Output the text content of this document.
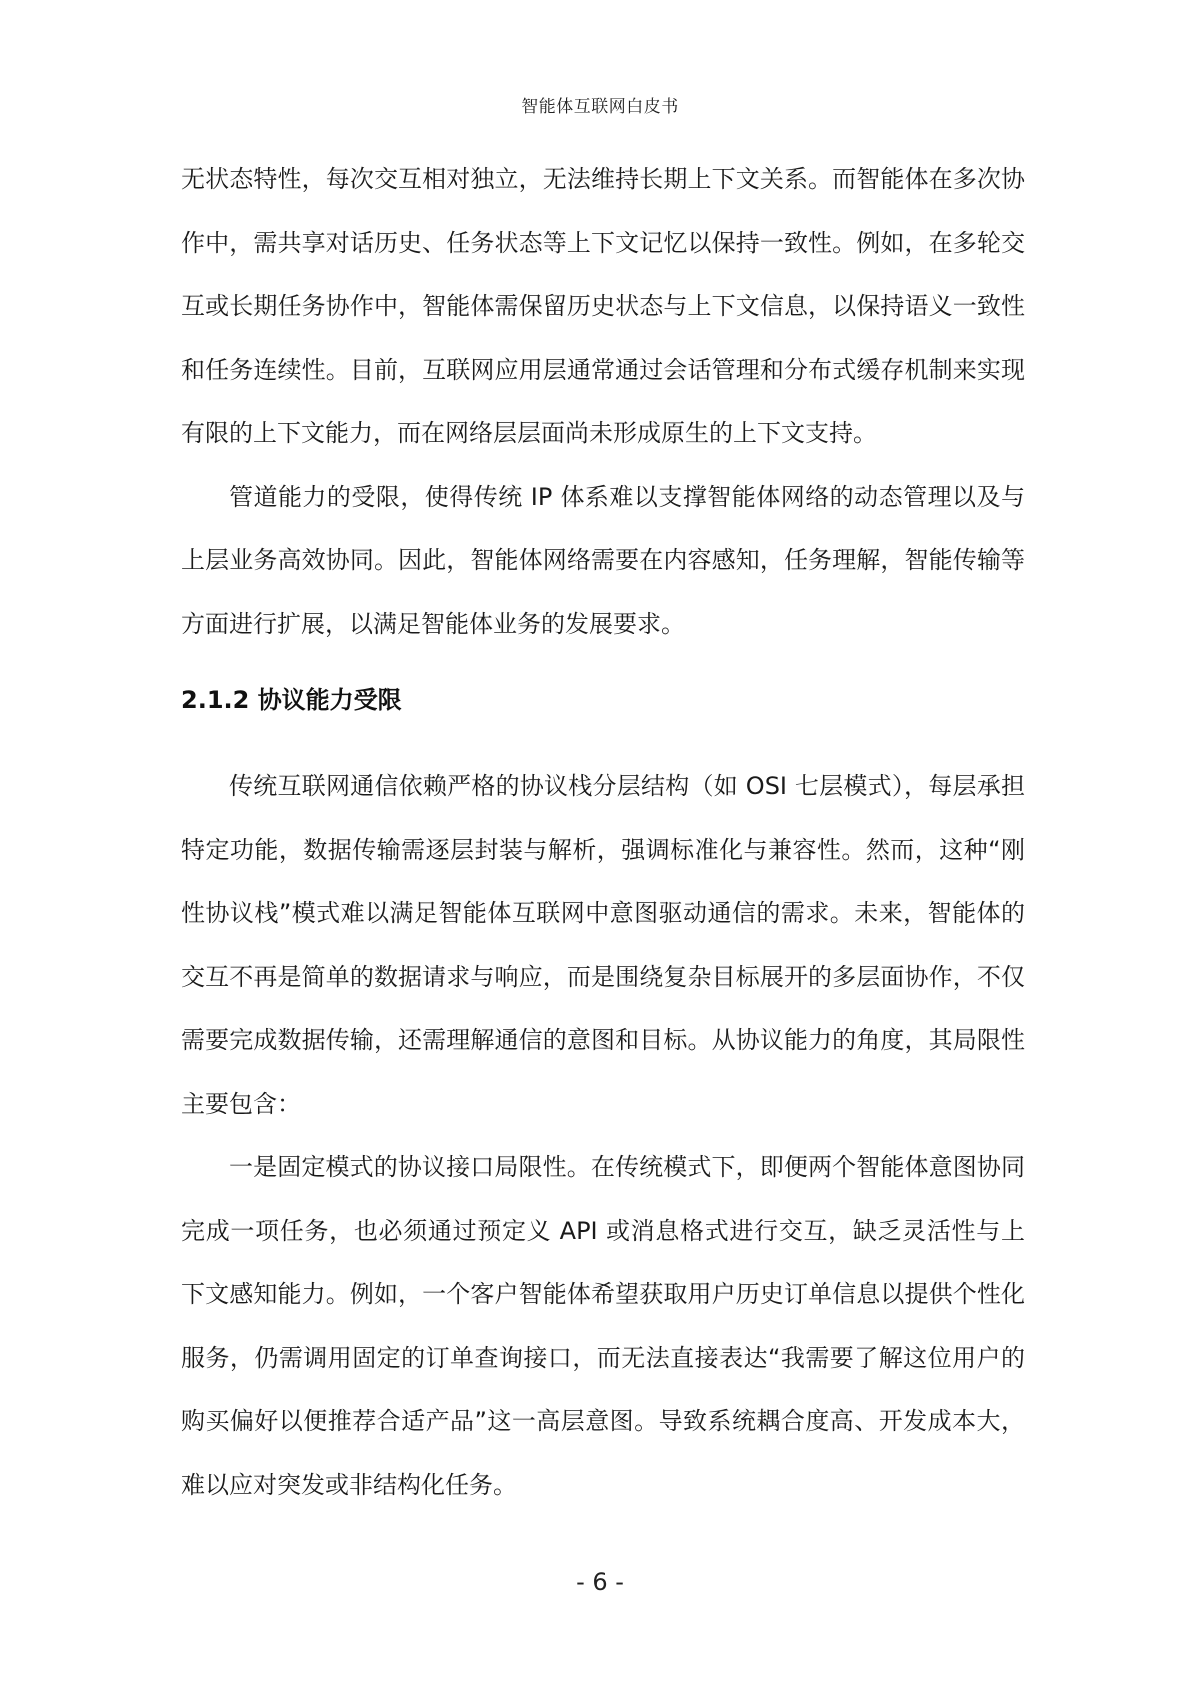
智能体互联网白皮书

无状态特性，每次交互相对独立，无法维持长期上下文关系。而智能体在多次协作中，需共享对话历史、任务状态等上下文记忆以保持一致性。例如，在多轮交互或长期任务协作中，智能体需保留历史状态与上下文信息，以保持语义一致性和任务连续性。目前，互联网应用层通常通过会话管理和分布式缓存机制来实现有限的上下文能力，而在网络层层面尚未形成原生的上下文支持。

管道能力的受限，使得传统 IP 体系难以支撑智能体网络的动态管理以及与上层业务高效协同。因此，智能体网络需要在内容感知，任务理解，智能传输等方面进行扩展，以满足智能体业务的发展要求。

2.1.2 协议能力受限

传统互联网通信依赖严格的协议栈分层结构（如 OSI 七层模式），每层承担特定功能，数据传输需逐层封装与解析，强调标准化与兼容性。然而，这种“刚性协议栈”模式难以满足智能体互联网中意图驱动通信的需求。未来，智能体的交互不再是简单的数据请求与响应，而是围绕复杂目标展开的多层面协作，不仅需要完成数据传输，还需理解通信的意图和目标。从协议能力的角度，其局限性主要包含：

一是固定模式的协议接口局限性。在传统模式下，即便两个智能体意图协同完成一项任务，也必须通过预定义 API 或消息格式进行交互，缺乏灵活性与上下文感知能力。例如，一个客户智能体希望获取用户历史订单信息以提供个性化服务，仍需调用固定的订单查询接口，而无法直接表达“我需要了解这位用户的购买偏好以便推荐合适产品”这一高层意图。导致系统耦合度高、开发成本大，难以应对突发或非结构化任务。

- 6 -
